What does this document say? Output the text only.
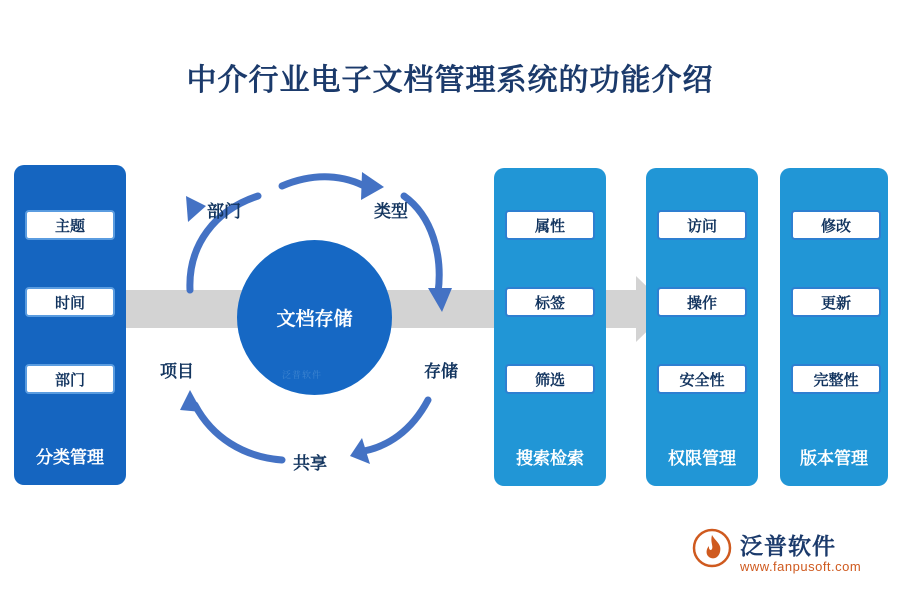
中介行业电子文档管理系统的功能介绍
文档存储
泛普软件
部门	类型
存储
共享
项目
主题
时间
部门
分类管理
属性
标签
筛选
搜索检索
访问
操作
安全性
权限管理
修改
更新
完整性
版本管理
泛普软件
www.fanpusoft.com
